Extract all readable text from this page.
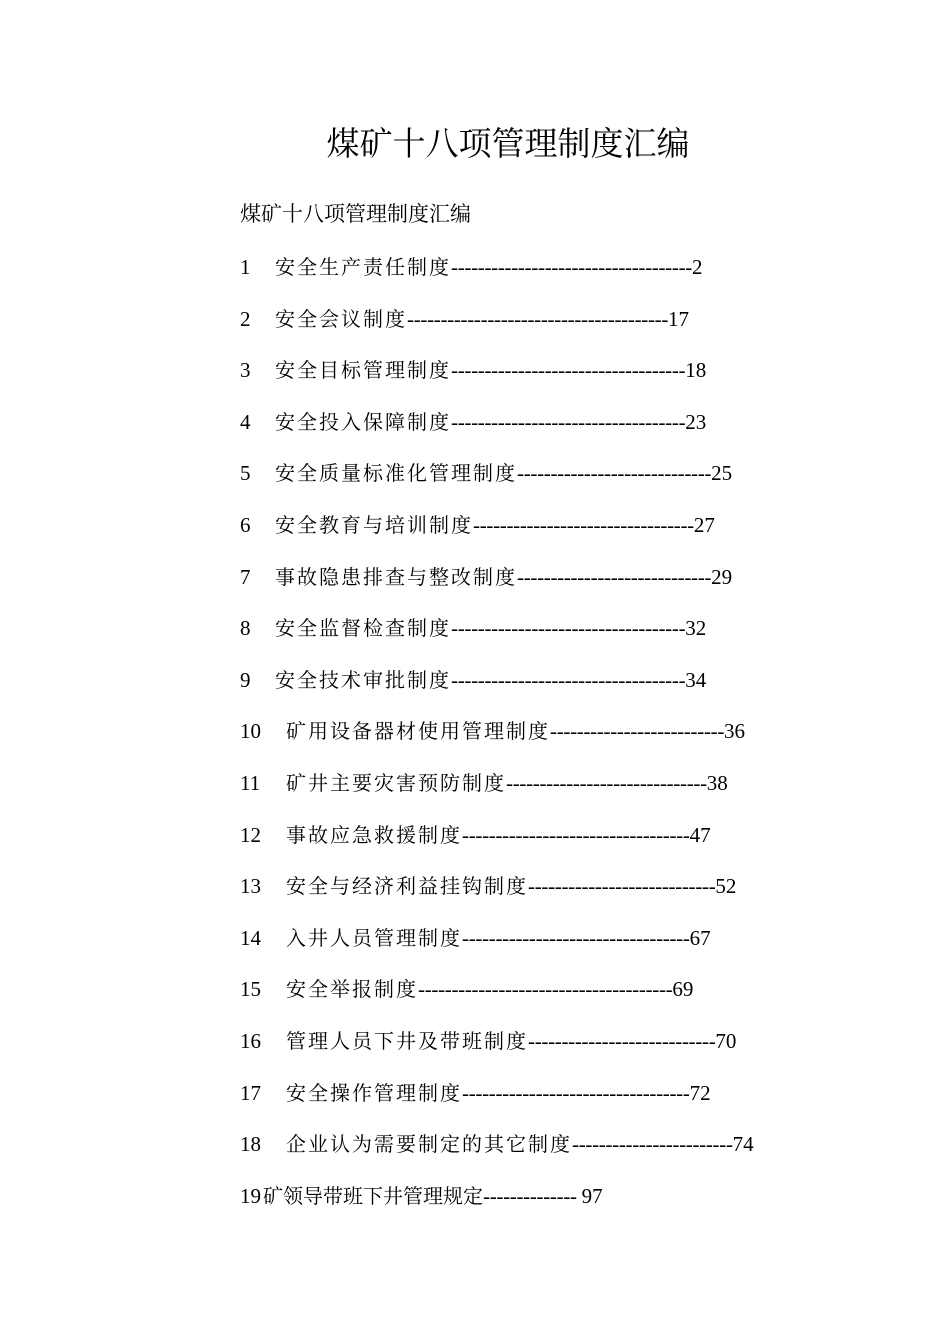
煤矿十八项管理制度汇编
煤矿十八项管理制度汇编
1 安全生产责任制度------------------------------------2
2 安全会议制度---------------------------------------17
3 安全目标管理制度-----------------------------------18
4 安全投入保障制度-----------------------------------23
5 安全质量标准化管理制度-----------------------------25
6 安全教育与培训制度---------------------------------27
7 事故隐患排查与整改制度-----------------------------29
8 安全监督检查制度-----------------------------------32
9 安全技术审批制度-----------------------------------34
10 矿用设备器材使用管理制度--------------------------36
11 矿井主要灾害预防制度------------------------------38
12 事故应急救援制度----------------------------------47
13 安全与经济利益挂钩制度----------------------------52
14 入井人员管理制度----------------------------------67
15 安全举报制度--------------------------------------69
16 管理人员下井及带班制度----------------------------70
17 安全操作管理制度----------------------------------72
18 企业认为需要制定的其它制度------------------------74
19 矿领导带班下井管理规定-------------- 97
